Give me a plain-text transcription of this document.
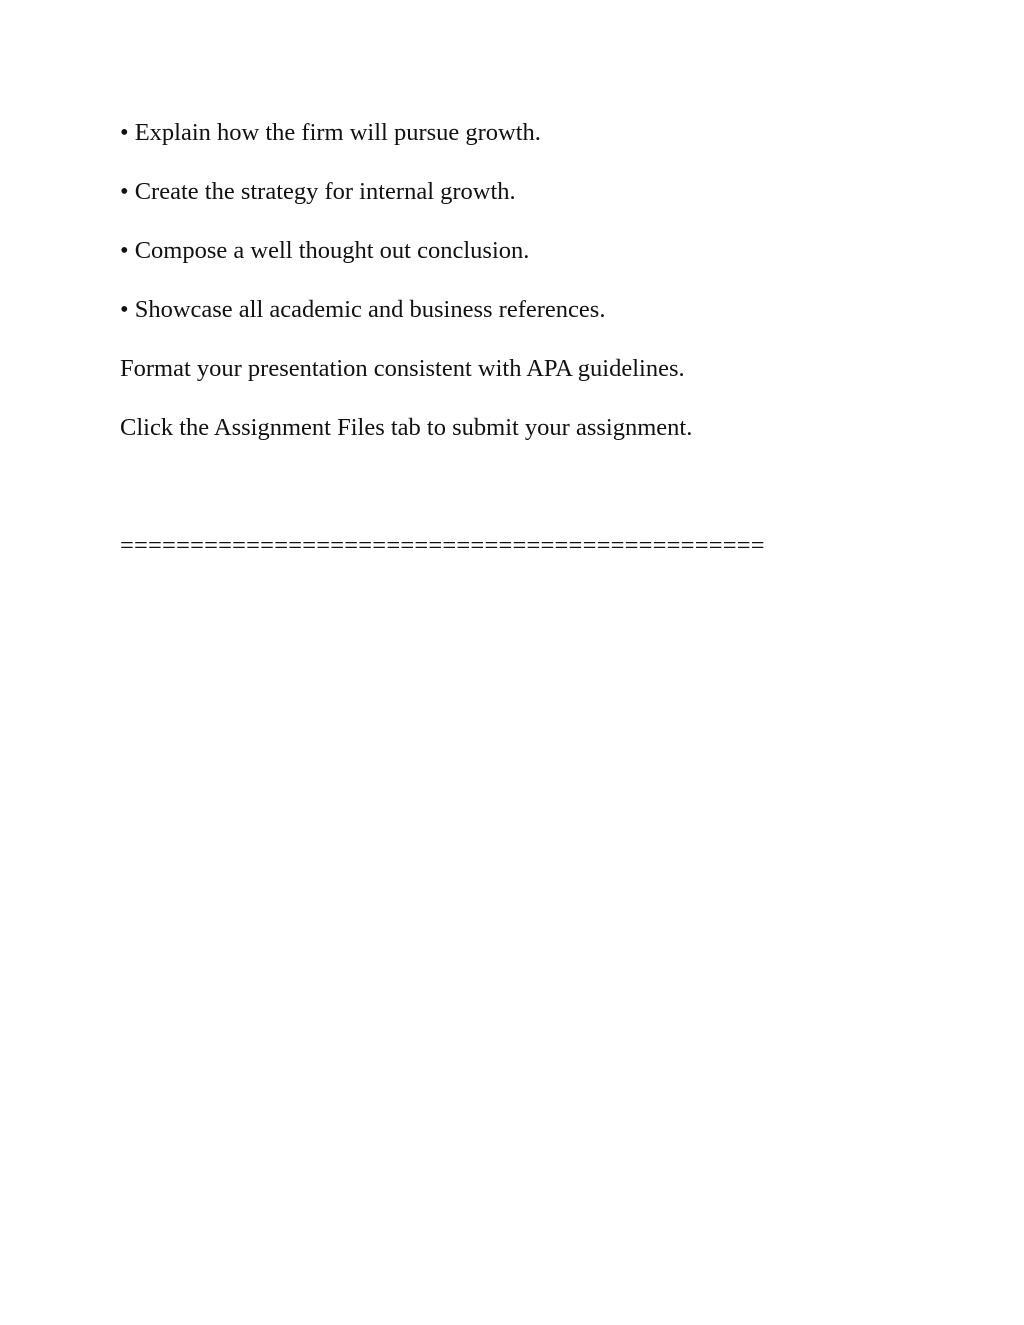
• Explain how the firm will pursue growth.

• Create the strategy for internal growth.

• Compose a well thought out conclusion.

• Showcase all academic and business references.

Format your presentation consistent with APA guidelines.

Click the Assignment Files tab to submit your assignment.

==============================================
